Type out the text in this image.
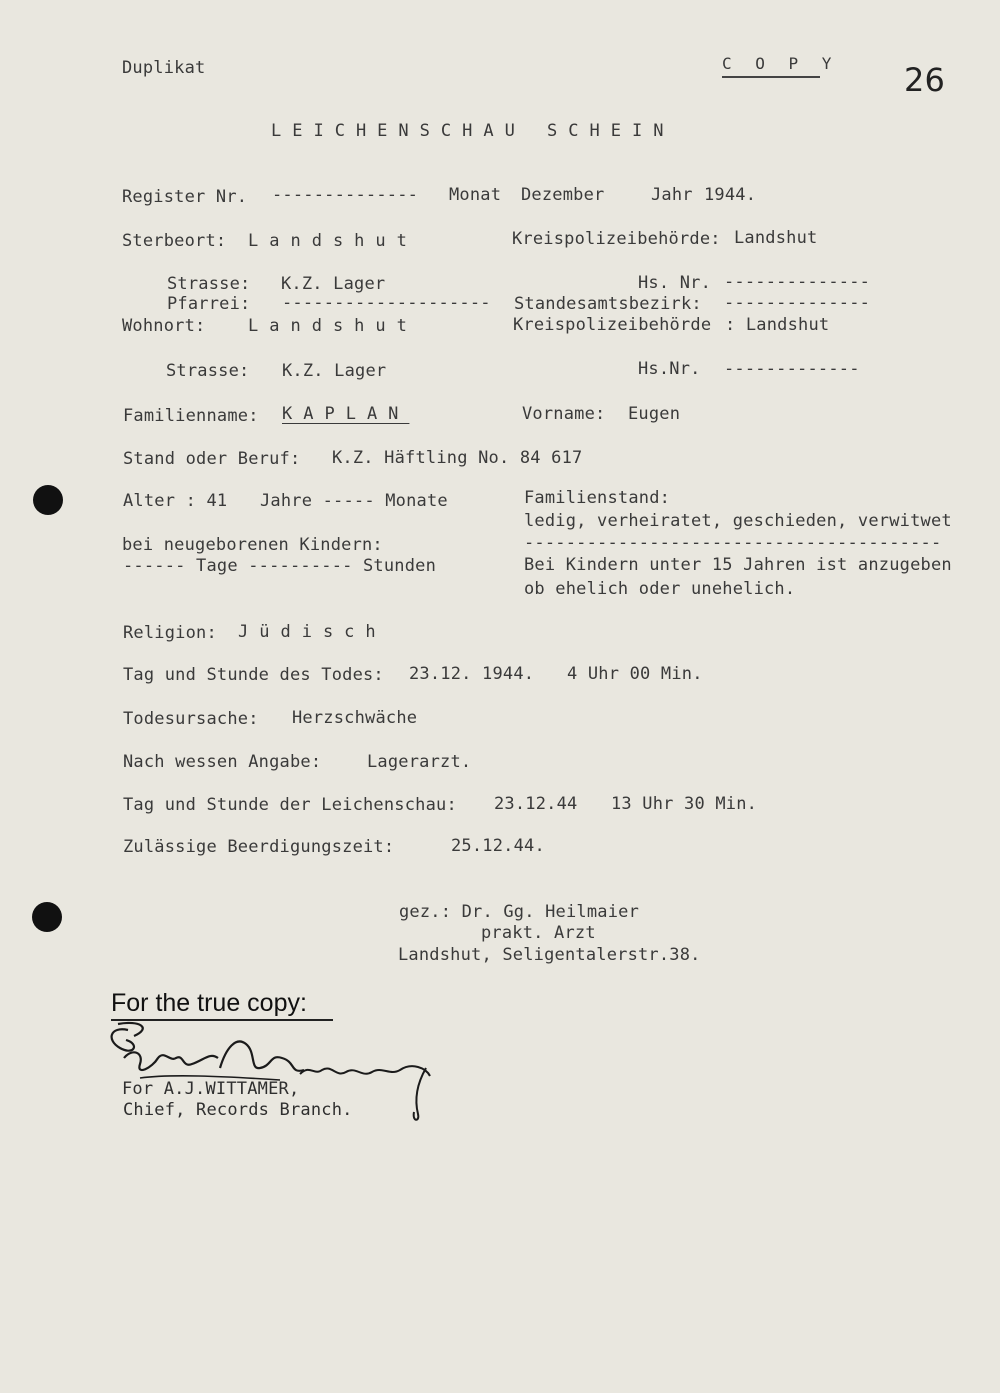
Duplikat	C O P Y 26
LEICHENSCHAU SCHEIN
Register Nr. -------------- Monat Dezember	Jahr 1944.
Sterbeort: Landshut	Kreispolizeibehörde: Landshut
Strasse: K.Z. Lager	Hs. Nr. --------------
Pfarrei: -------------------- Standesamtsbezirk: --------------
Wohnort:	Landshut	Kreispolizeibehörde : Landshut
Strasse: K.Z. Lager	Hs.Nr. -------------
Familienname: KAPLAN	Vorname: Eugen
Stand oder Beruf: K.Z. Häftling No. 84 617
Alter : 41 Jahre ----- Monate	Familienstand:
ledig, verheiratet, geschieden, verwitwet
----------------------------------------
bei neugeborenen Kindern:
------ Tage ---------- Stunden	Bei Kindern unter 15 Jahren ist anzugeben
ob ehelich oder unehelich.
Religion: Jüdisch
Tag und Stunde des Todes: 23.12. 1944. 4 Uhr 00 Min.
Todesursache: Herzschwäche
Nach wessen Angabe:	Lagerarzt.
Tag und Stunde der Leichenschau: 23.12.44 13 Uhr 30 Min.
Zulässige Beerdigungszeit:	25.12.44.
gez.: Dr. Gg. Heilmaier
prakt. Arzt
Landshut, Seligentalerstr.38.
For the true copy:
For A.J.WITTAMER,
Chief, Records Branch.
